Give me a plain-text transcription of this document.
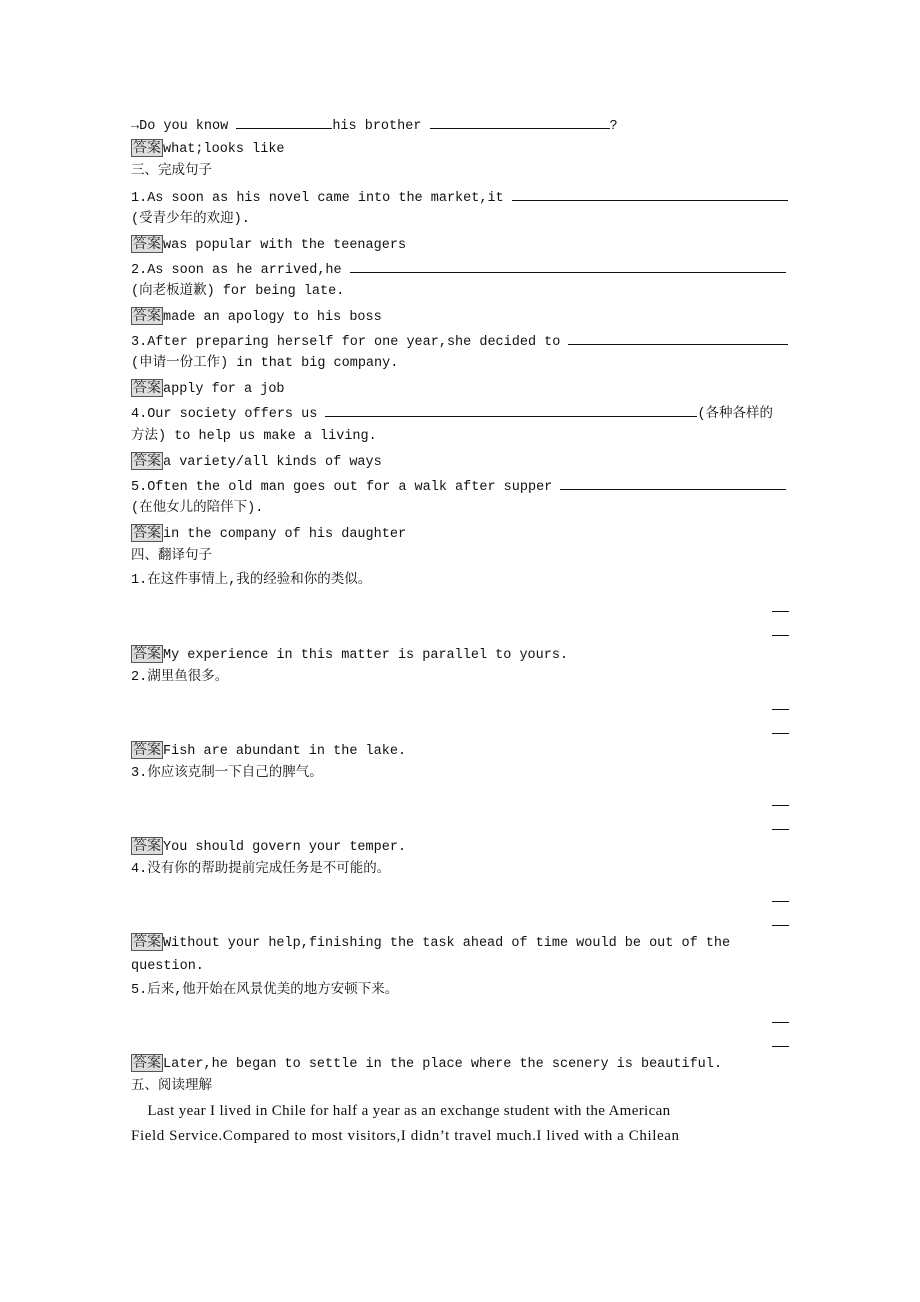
→Do you know	his brother	?
答案 what;looks like
三、完成句子
1.As soon as his novel came into the market,it
(受青少年的欢迎).
答案 was popular with the teenagers
2.As soon as he arrived,he
(向老板道歉) for being late.
答案 made an apology to his boss
3.After preparing herself for one year,she decided to
(申请一份工作) in that big company.
答案 apply for a job
4.Our society offers us	(各种各样的
方法) to help us make a living.
答案 a variety/all kinds of ways
5.Often the old man goes out for a walk after supper
(在他女儿的陪伴下).
答案 in the company of his daughter
四、翻译句子
1.在这件事情上,我的经验和你的类似。
答案 My experience in this matter is parallel to yours.
2.湖里鱼很多。
答案 Fish are abundant in the lake.
3.你应该克制一下自己的脾气。
答案 You should govern your temper.
4.没有你的帮助提前完成任务是不可能的。
答案 Without your help,finishing the task ahead of time would be out of the
question.
5.后来,他开始在风景优美的地方安顿下来。
答案 Later,he began to settle in the place where the scenery is beautiful.
五、阅读理解
Last year I lived in Chile for half a year as an exchange student with the American
Field Service.Compared to most visitors,I didn’t travel much.I lived with a Chilean
